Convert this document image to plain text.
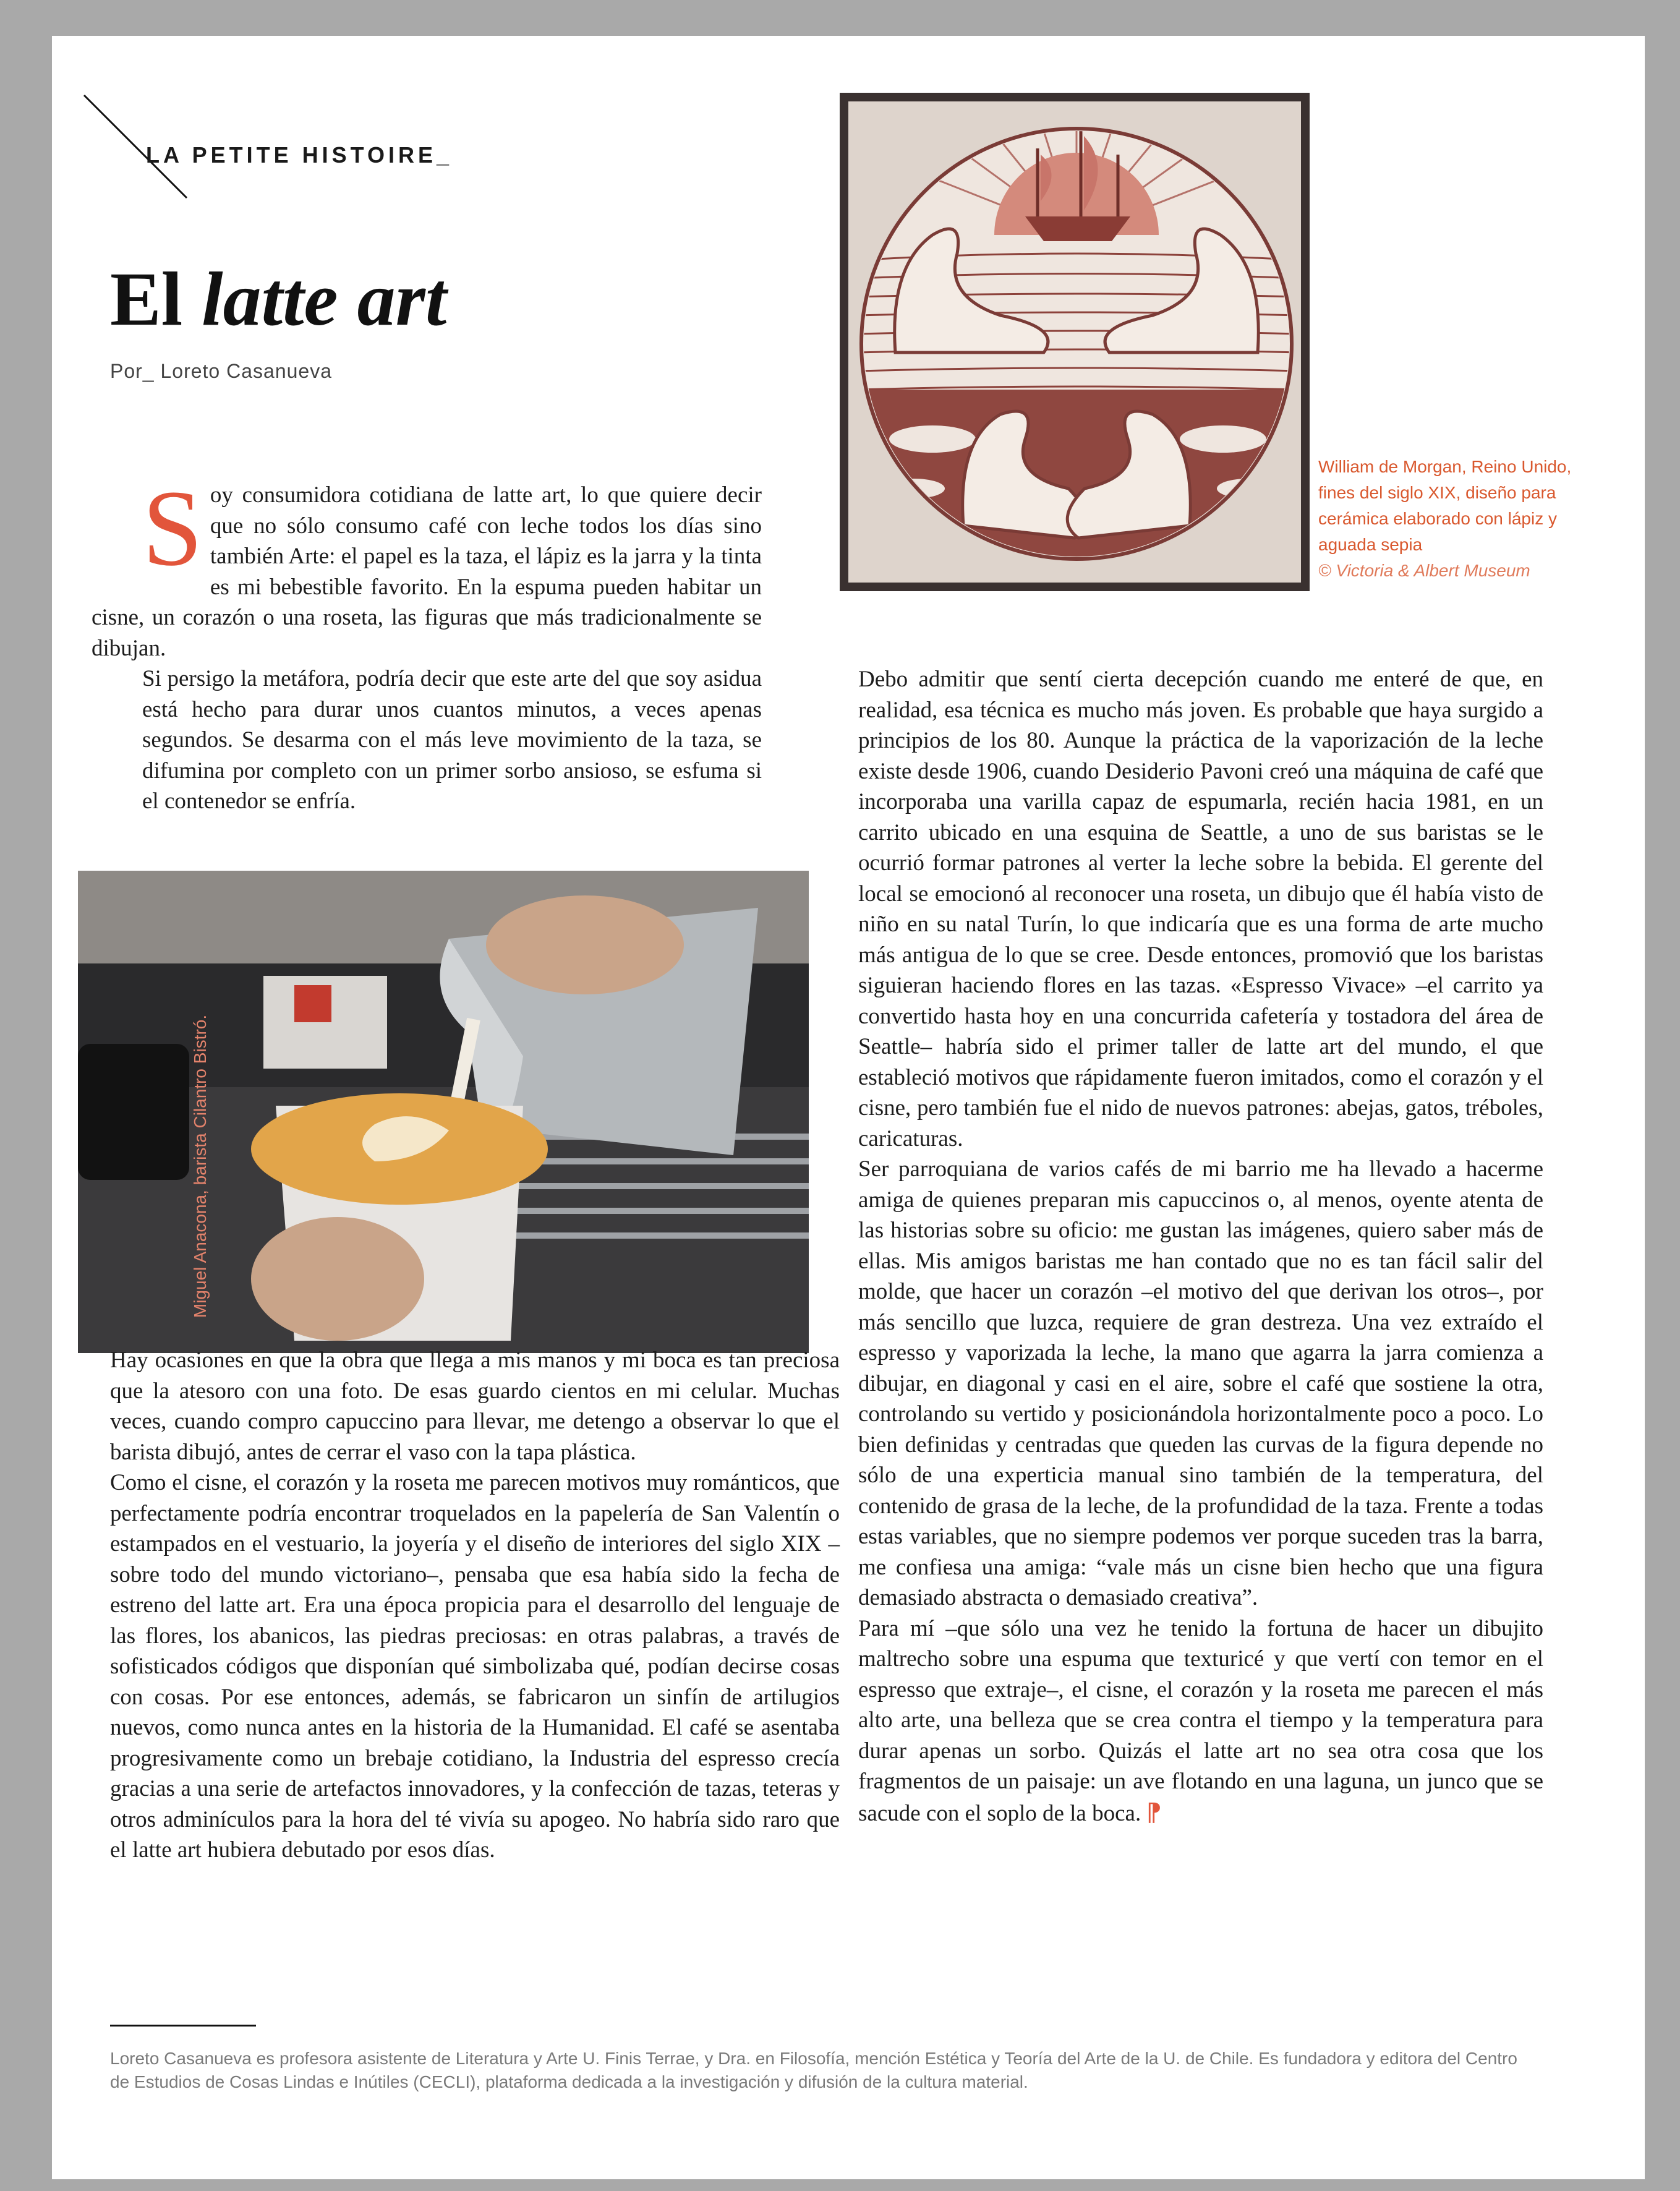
LA PETITE HISTOIRE_
El latte art
Por_ Loreto Casanueva
William de Morgan, Reino Unido, fines del siglo XIX, diseño para cerámica elaborado con lápiz y aguada sepia
© Victoria & Albert Museum

Soy consumidora cotidiana de latte art, lo que quiere decir que no sólo consumo café con leche todos los días sino también Arte: el papel es la taza, el lápiz es la jarra y la tinta es mi bebestible favorito. En la espuma pueden habitar un cisne, un corazón o una roseta, las figuras que más tradicionalmente se dibujan.

Si persigo la metáfora, podría decir que este arte del que soy asidua está hecho para durar unos cuantos minutos, a veces apenas segundos. Se desarma con el más leve movimiento de la taza, se difumina por completo con un primer sorbo ansioso, se esfuma si el contenedor se enfría.

Miguel Anacona, barista Cilantro Bistró.

Hay ocasiones en que la obra que llega a mis manos y mi boca es tan preciosa que la atesoro con una foto. De esas guardo cientos en mi celular. Muchas veces, cuando compro capuccino para llevar, me detengo a observar lo que el barista dibujó, antes de cerrar el vaso con la tapa plástica.

Como el cisne, el corazón y la roseta me parecen motivos muy románticos, que perfectamente podría encontrar troquelados en la papelería de San Valentín o estampados en el vestuario, la joyería y el diseño de interiores del siglo XIX –sobre todo del mundo victoriano–, pensaba que esa había sido la fecha de estreno del latte art. Era una época propicia para el desarrollo del lenguaje de las flores, los abanicos, las piedras preciosas: en otras palabras, a través de sofisticados códigos que disponían qué simbolizaba qué, podían decirse cosas con cosas. Por ese entonces, además, se fabricaron un sinfín de artilugios nuevos, como nunca antes en la historia de la Humanidad. El café se asentaba progresivamente como un brebaje cotidiano, la Industria del espresso crecía gracias a una serie de artefactos innovadores, y la confección de tazas, teteras y otros adminículos para la hora del té vivía su apogeo. No habría sido raro que el latte art hubiera debutado por esos días.

Debo admitir que sentí cierta decepción cuando me enteré de que, en realidad, esa técnica es mucho más joven. Es probable que haya surgido a principios de los 80. Aunque la práctica de la vaporización de la leche existe desde 1906, cuando Desiderio Pavoni creó una máquina de café que incorporaba una varilla capaz de espumarla, recién hacia 1981, en un carrito ubicado en una esquina de Seattle, a uno de sus baristas se le ocurrió formar patrones al verter la leche sobre la bebida. El gerente del local se emocionó al reconocer una roseta, un dibujo que él había visto de niño en su natal Turín, lo que indicaría que es una forma de arte mucho más antigua de lo que se cree. Desde entonces, promovió que los baristas siguieran haciendo flores en las tazas. «Espresso Vivace» –el carrito ya convertido hasta hoy en una concurrida cafetería y tostadora del área de Seattle– habría sido el primer taller de latte art del mundo, el que estableció motivos que rápidamente fueron imitados, como el corazón y el cisne, pero también fue el nido de nuevos patrones: abejas, gatos, tréboles, caricaturas.

Ser parroquiana de varios cafés de mi barrio me ha llevado a hacerme amiga de quienes preparan mis capuccinos o, al menos, oyente atenta de las historias sobre su oficio: me gustan las imágenes, quiero saber más de ellas. Mis amigos baristas me han contado que no es tan fácil salir del molde, que hacer un corazón –el motivo del que derivan los otros–, por más sencillo que luzca, requiere de gran destreza. Una vez extraído el espresso y vaporizada la leche, la mano que agarra la jarra comienza a dibujar, en diagonal y casi en el aire, sobre el café que sostiene la otra, controlando su vertido y posicionándola horizontalmente poco a poco. Lo bien definidas y centradas que queden las curvas de la figura depende no sólo de una experticia manual sino también de la temperatura, del contenido de grasa de la leche, de la profundidad de la taza. Frente a todas estas variables, que no siempre podemos ver porque suceden tras la barra, me confiesa una amiga: “vale más un cisne bien hecho que una figura demasiado abstracta o demasiado creativa”.

Para mí –que sólo una vez he tenido la fortuna de hacer un dibujito maltrecho sobre una espuma que texturicé y que vertí con temor en el espresso que extraje–, el cisne, el corazón y la roseta me parecen el más alto arte, una belleza que se crea contra el tiempo y la temperatura para durar apenas un sorbo. Quizás el latte art no sea otra cosa que los fragmentos de un paisaje: un ave flotando en una laguna, un junco que se sacude con el soplo de la boca. ⁋

Loreto Casanueva es profesora asistente de Literatura y Arte U. Finis Terrae, y Dra. en Filosofía, mención Estética y Teoría del Arte de la U. de Chile. Es fundadora y editora del Centro de Estudios de Cosas Lindas e Inútiles (CECLI), plataforma dedicada a la investigación y difusión de la cultura material.
